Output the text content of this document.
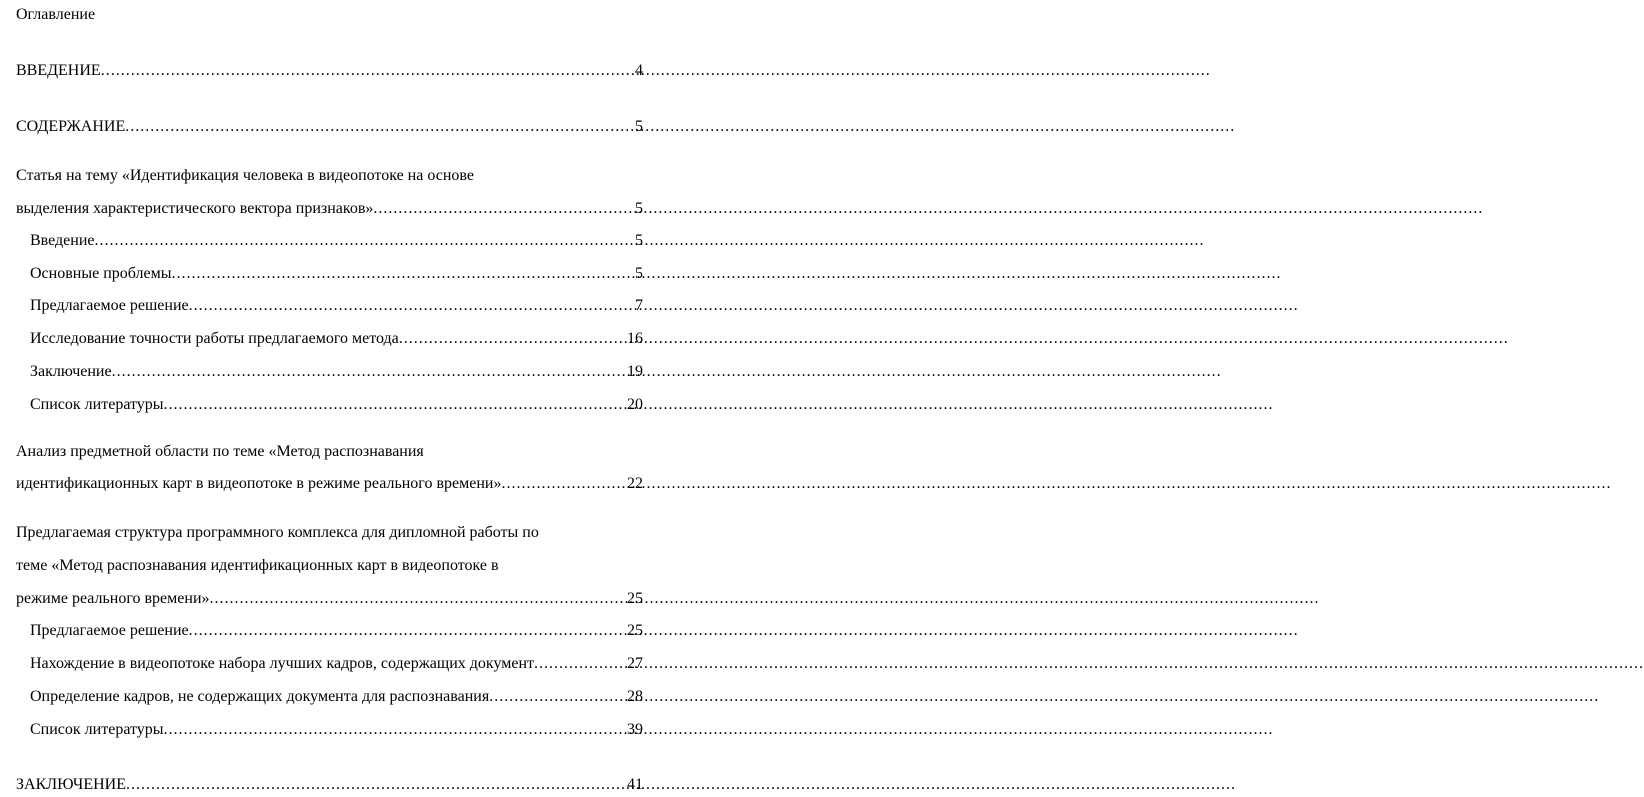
Оглавление
ВВЕДЕНИЕ .....	4
СОДЕРЖАНИЕ .....	5
Статья на тему «Идентификация человека в видеопотоке на основе
выделения характеристического вектора признаков» .....	5
Введение .....	5
Основные проблемы .....	5
Предлагаемое решение .....	7
Исследование точности работы предлагаемого метода .....	16
Заключение .....	19
Список литературы .....	20
Анализ предметной области по теме «Метод распознавания
идентификационных карт в видеопотоке в режиме реального времени» .....	22
Предлагаемая структура программного комплекса для дипломной работы по
теме «Метод распознавания идентификационных карт в видеопотоке в
режиме реального времени» .....	25
Предлагаемое решение .....	25
Нахождение в видеопотоке набора лучших кадров, содержащих документ .....	27
Определение кадров, не содержащих документа для распознавания .....	28
Список литературы .....	39
ЗАКЛЮЧЕНИЕ .....	41
